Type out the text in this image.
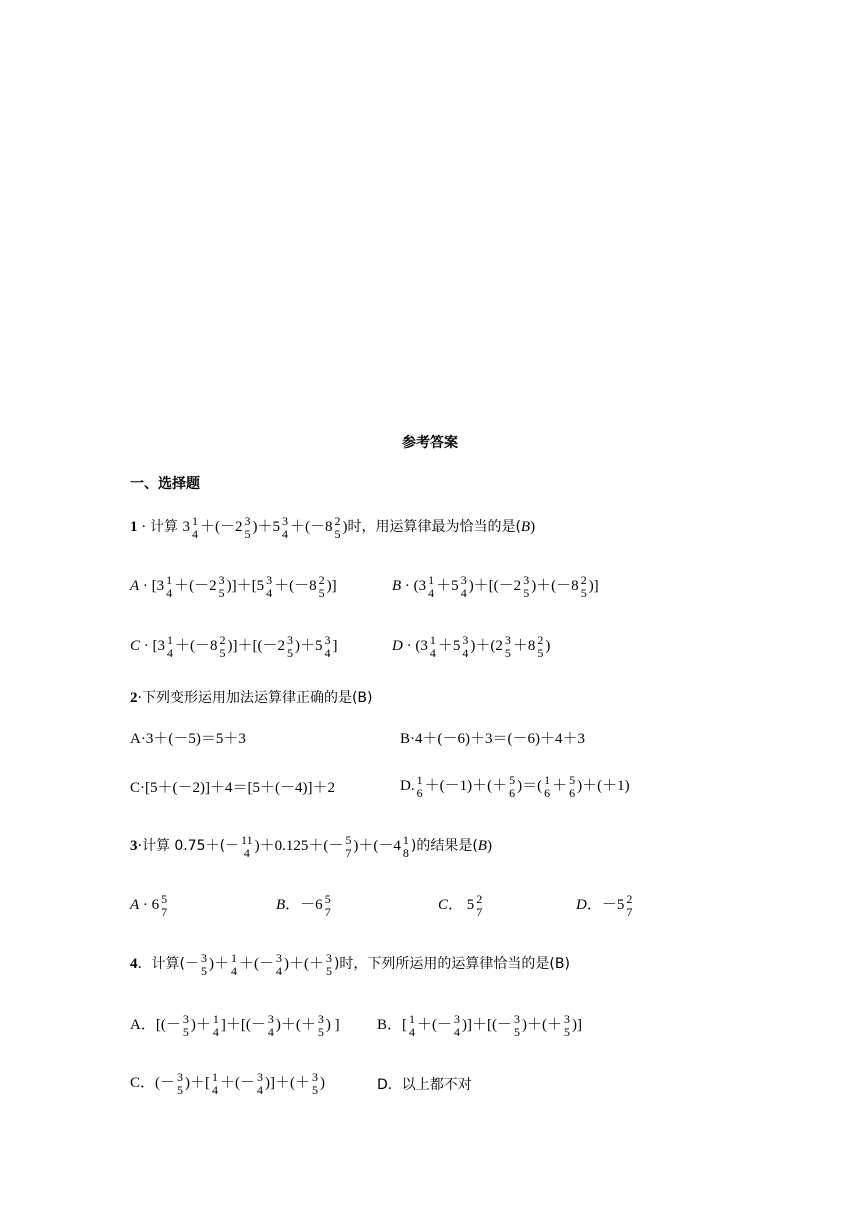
参考答案
一、选择题
1 · 计算 3 1
4 ＋(－2 3
5 )＋5 3
4 ＋(－8 2
5 )时，用运算律最为恰当的是(B)
A · [3 1
4 ＋(－2 3
5 )]＋[5 3
4 ＋(－8 2
5 )]	B · (3 1
4 ＋5 3
4 )＋[(－2 3
5 )＋(－8 2
5 )]
C · [3 1
4 ＋(－8 2
5 )]＋[(－2 3
5 )＋5 3
4 ]	D · (3 1
4 ＋5 3
4 )＋(2 3
5 ＋8 2
5 )
2·下列变形运用加法运算律正确的是(B)
A·3＋(－5)＝5＋3	B·4＋(－6)＋3＝(－6)＋4＋3
C·[5＋(－2)]＋4＝[5＋(－4)]＋2	D. 1
6 ＋(－1)＋(＋ 5
6 )＝( 1
6 ＋ 5
6 )＋(＋1)
3·计算 0.75＋(－ 11
4 )＋0.125＋(－ 5
7 )＋(－4 1
8 )的结果是(B)
A · 6 5
7	B．－6 5
7	C． 5 2
7	D．－5 2
7
4．计算(－ 3
5 )＋ 1
4 ＋(－ 3
4 )＋(＋ 3
5 )时，下列所运用的运算律恰当的是(B)
A．[(－ 3
5 )＋ 1
4 ]＋[(－ 3
4 )＋(＋ 3
5 ) ] B．[ 1
4 ＋(－ 3
4 )]＋[(－ 3
5 )＋(＋ 3
5 )]
C．(－ 3
5 )＋[ 1
4 ＋(－ 3
4 )]＋(＋ 3
5 )	D．以上都不对
